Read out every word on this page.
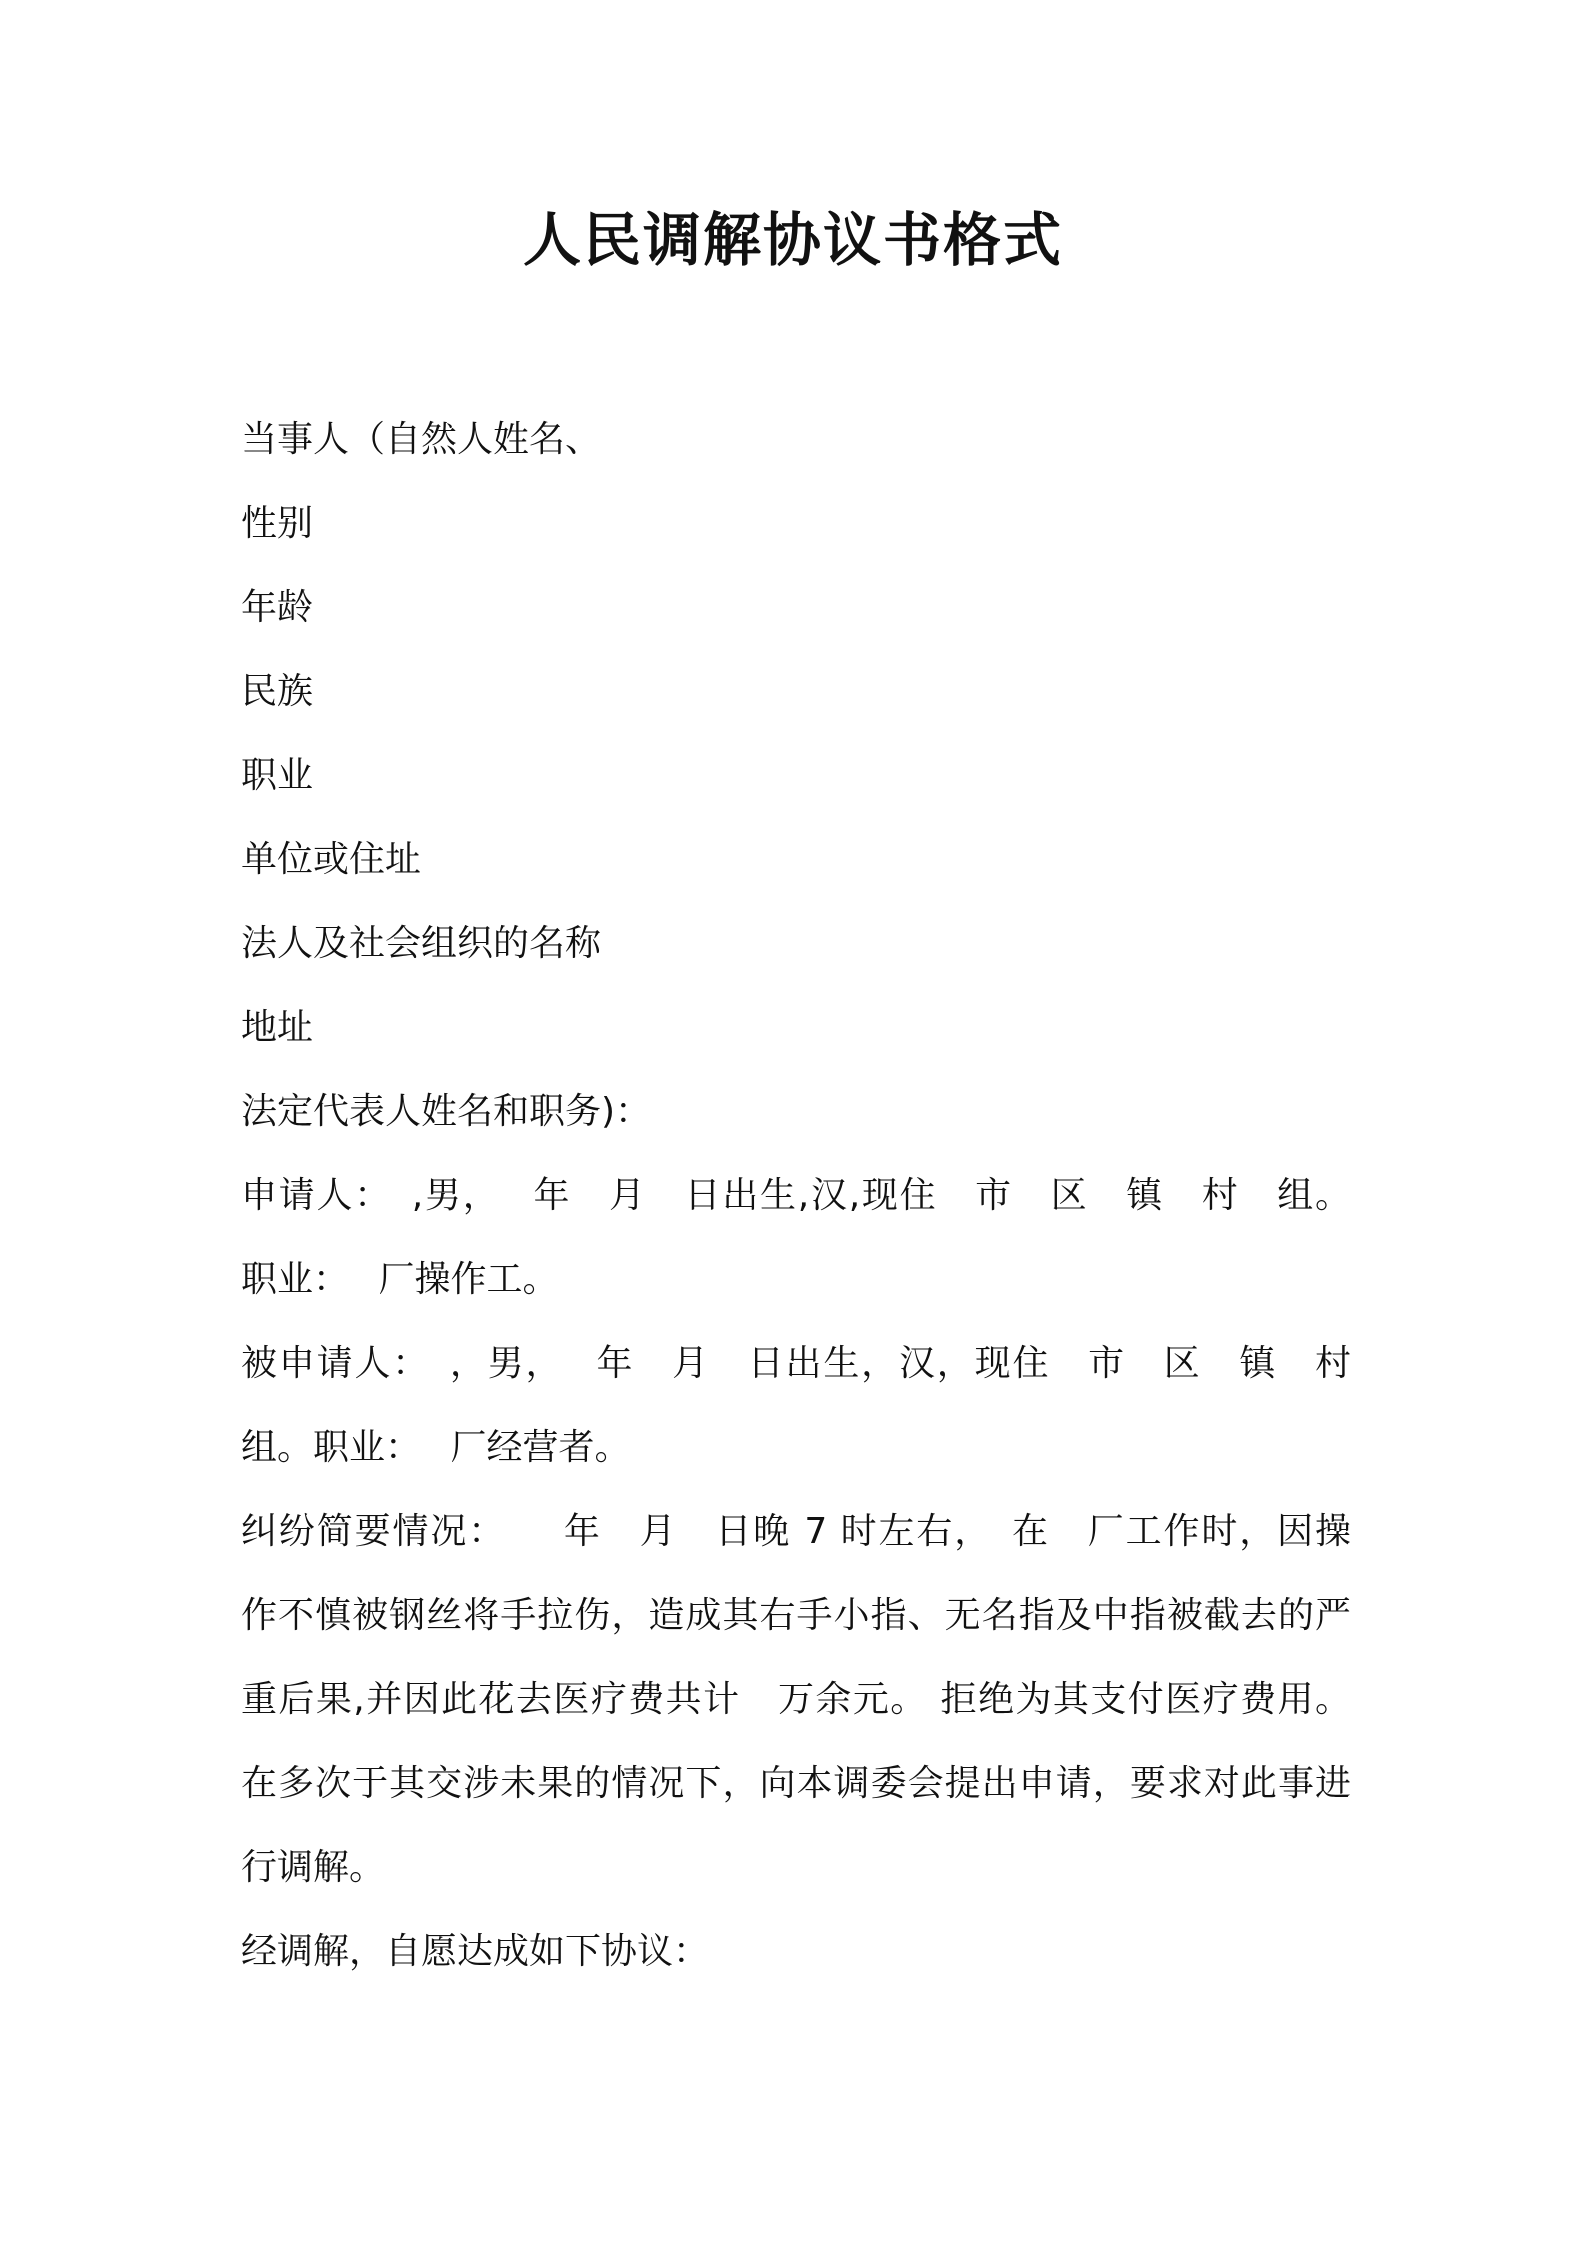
人民调解协议书格式
当事人（自然人姓名、
性别
年龄
民族
职业
单位或住址
法人及社会组织的名称
地址
法定代表人姓名和职务)：
申请人：　,男，　 年　月　日出生,汉,现住　市　区　镇　村　组。
职业：　 厂操作工。
被申请人：　，男，　 年　月　日出生，汉，现住　市　区　镇　村
组。职业：　 厂经营者。
纠纷简要情况：　　年　月　日晚 7 时左右，　在　厂工作时，因操
作不慎被钢丝将手拉伤，造成其右手小指、无名指及中指被截去的严
重后果,并因此花去医疗费共计　万余元。 拒绝为其支付医疗费用。
在多次于其交涉未果的情况下，向本调委会提出申请，要求对此事进
行调解。
经调解，自愿达成如下协议：
